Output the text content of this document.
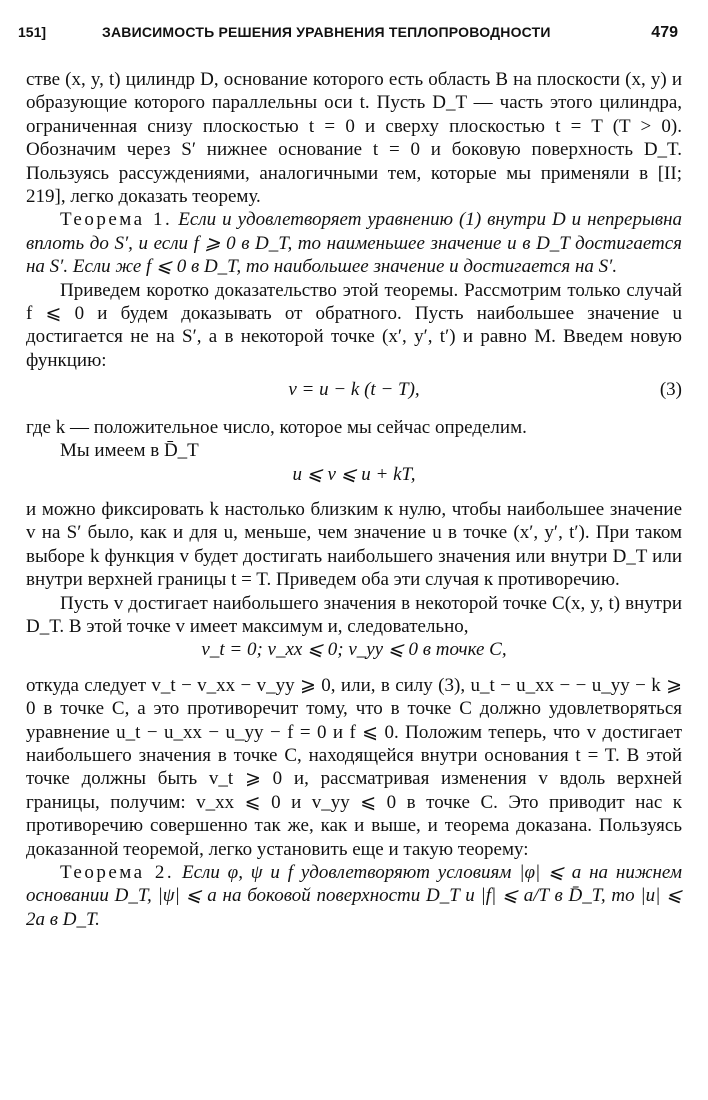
151]	ЗАВИСИМОСТЬ РЕШЕНИЯ УРАВНЕНИЯ ТЕПЛОПРОВОДНОСТИ	479

стве (x, y, t) цилиндр D, основание которого есть область B на плоскости (x, y) и образующие которого параллельны оси t. Пусть D_T — часть этого цилиндра, ограниченная снизу плоскостью t = 0 и сверху плоскостью t = T (T > 0). Обозначим через S′ нижнее основание t = 0 и боковую поверхность D_T. Пользуясь рассуждениями, аналогичными тем, которые мы применяли в [II; 219], легко доказать теорему.

Теорема 1. Если u удовлетворяет уравнению (1) внутри D и непрерывна вплоть до S′, и если f ⩾ 0 в D_T, то наименьшее значение u в D_T достигается на S′. Если же f ⩽ 0 в D_T, то наибольшее значение u достигается на S′.

Приведем коротко доказательство этой теоремы. Рассмотрим только случай f ⩽ 0 и будем доказывать от обратного. Пусть наибольшее значение u достигается не на S′, а в некоторой точке (x′, y′, t′) и равно M. Введем новую функцию:

v = u − k (t − T),	(3)

где k — положительное число, которое мы сейчас определим.

Мы имеем в D̄_T

u ⩽ v ⩽ u + kT,

и можно фиксировать k настолько близким к нулю, чтобы наибольшее значение v на S′ было, как и для u, меньше, чем значение u в точке (x′, y′, t′). При таком выборе k функция v будет достигать наибольшего значения или внутри D_T или внутри верхней границы t = T. Приведем оба эти случая к противоречию.

Пусть v достигает наибольшего значения в некоторой точке C(x, y, t) внутри D_T. В этой точке v имеет максимум и, следовательно,

v_t = 0; v_xx ⩽ 0; v_yy ⩽ 0 в точке C,

откуда следует v_t − v_xx − v_yy ⩾ 0, или, в силу (3), u_t − u_xx − − u_yy − k ⩾ 0 в точке C, а это противоречит тому, что в точке C должно удовлетворяться уравнение u_t − u_xx − u_yy − f = 0 и f ⩽ 0. Положим теперь, что v достигает наибольшего значения в точке C, находящейся внутри основания t = T. В этой точке должны быть v_t ⩾ 0 и, рассматривая изменения v вдоль верхней границы, получим: v_xx ⩽ 0 и v_yy ⩽ 0 в точке C. Это приводит нас к противоречию совершенно так же, как и выше, и теорема доказана. Пользуясь доказанной теоремой, легко установить еще и такую теорему:

Теорема 2. Если φ, ψ и f удовлетворяют условиям |φ| ⩽ a на нижнем основании D_T, |ψ| ⩽ a на боковой поверхности D_T и |f| ⩽ a/T в D̄_T, то |u| ⩽ 2a в D_T.
